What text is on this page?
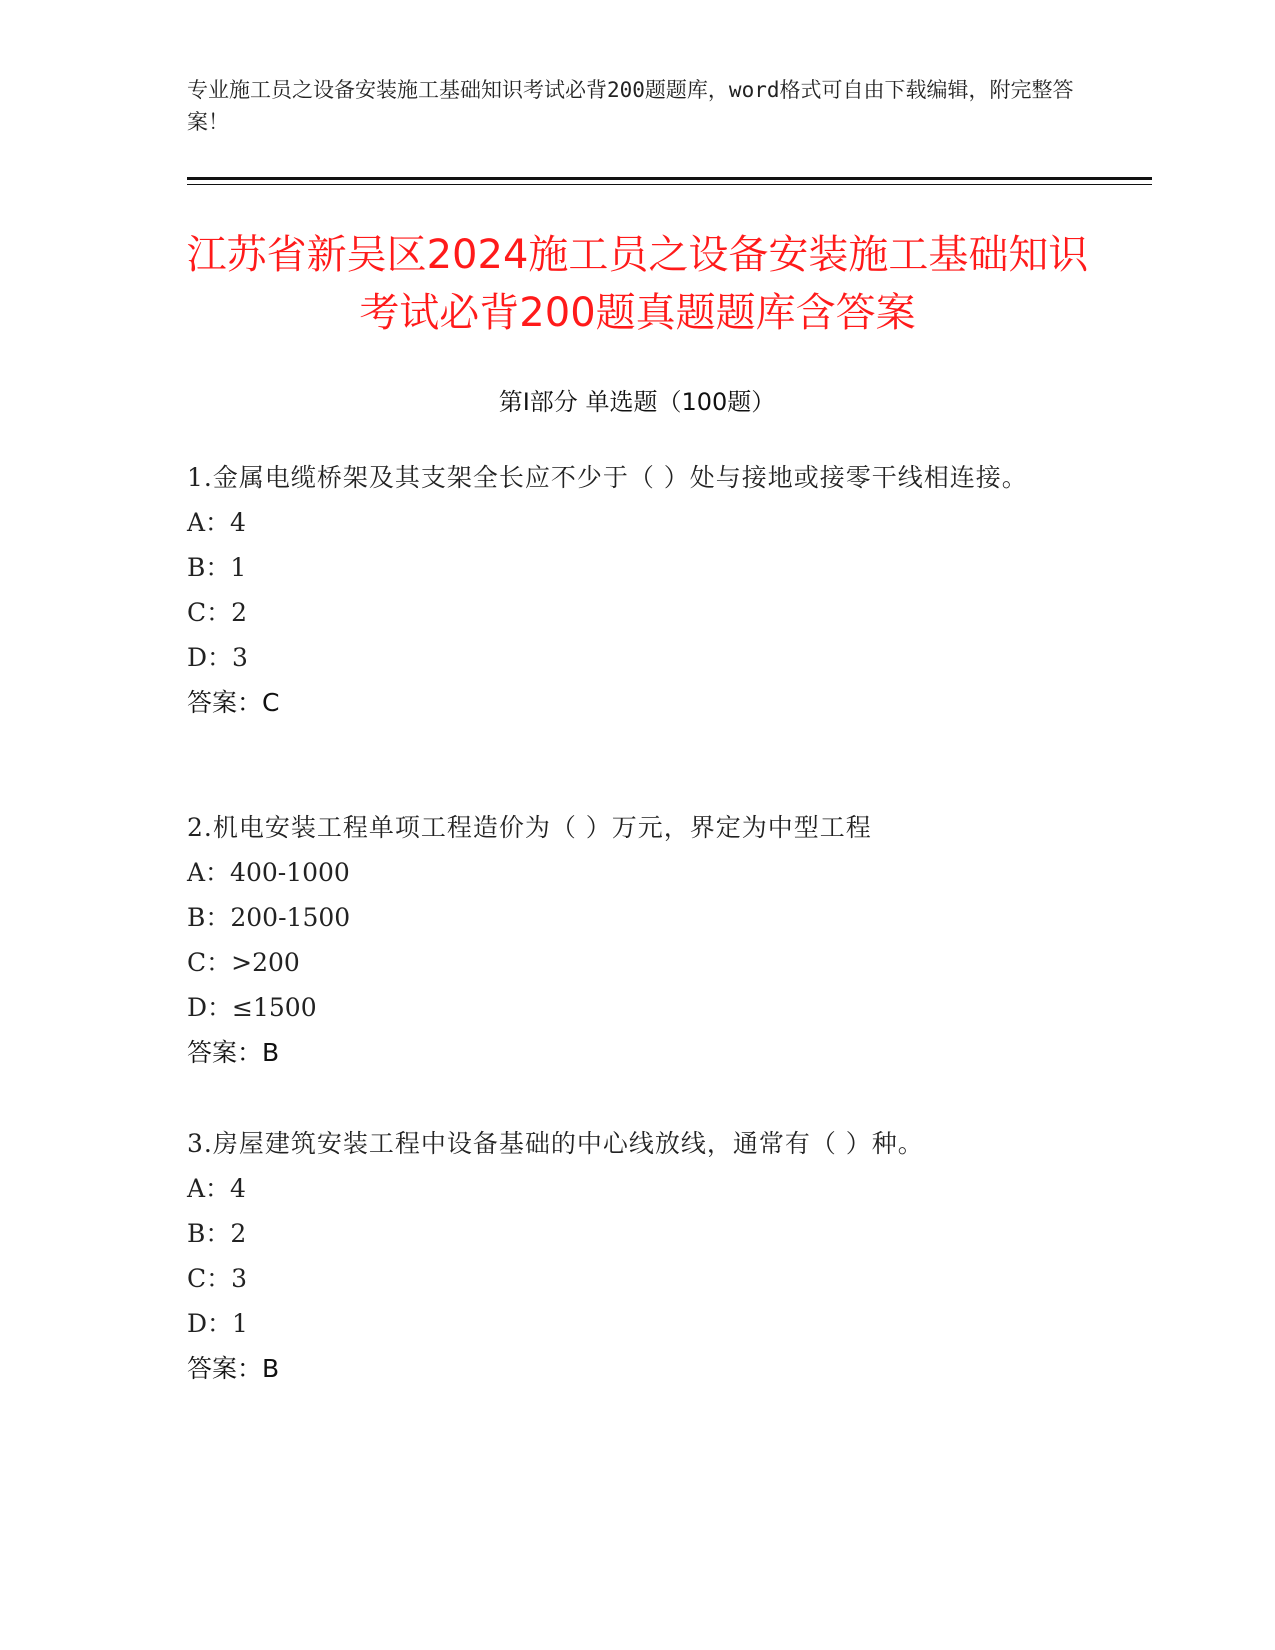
专业施工员之设备安装施工基础知识考试必背200题题库，word格式可自由下载编辑，附完整答案！
江苏省新吴区2024施工员之设备安装施工基础知识考试必背200题真题题库含答案
第Ⅰ部分 单选题（100题）
1.金属电缆桥架及其支架全长应不少于（ ）处与接地或接零干线相连接。
A：4
B：1
C：2
D：3
答案：C
2.机电安装工程单项工程造价为（ ）万元，界定为中型工程
A：400-1000
B：200-1500
C：>200
D：≤1500
答案：B
3.房屋建筑安装工程中设备基础的中心线放线，通常有（ ）种。
A：4
B：2
C：3
D：1
答案：B
